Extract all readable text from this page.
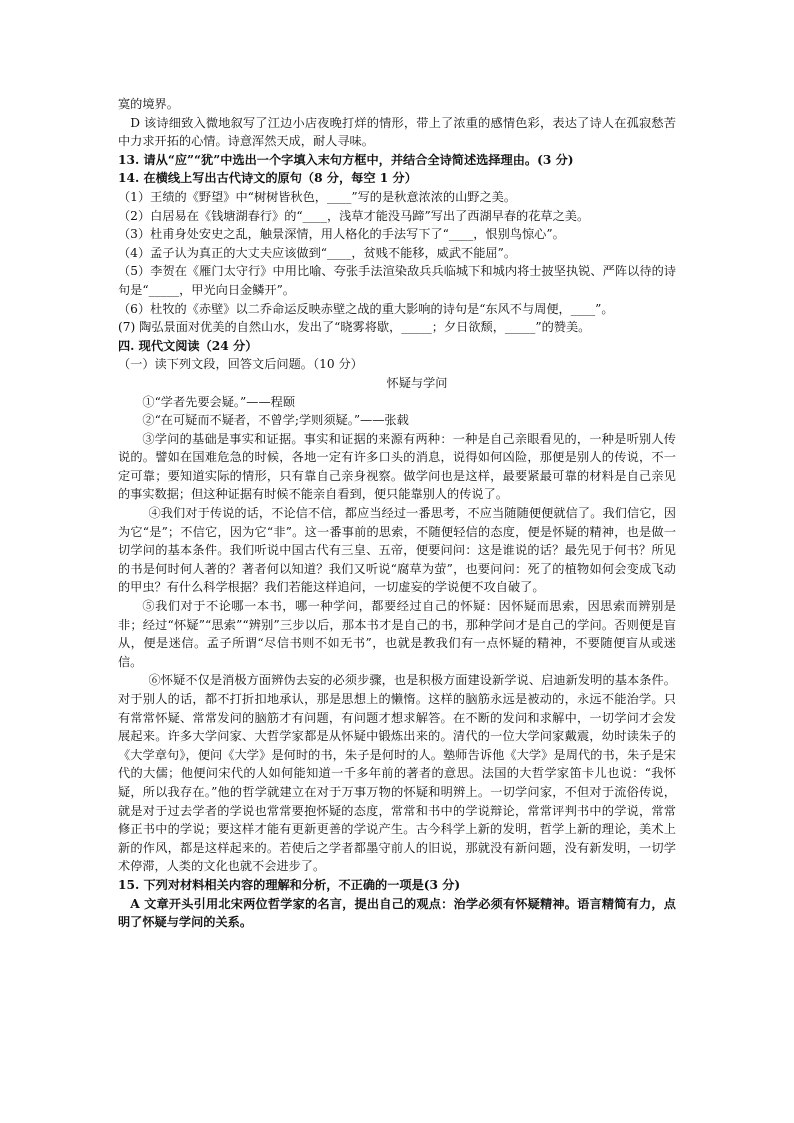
寞的境界。

D 该诗细致入微地叙写了江边小店夜晚打烊的情形，带上了浓重的感情色彩，表达了诗人在孤寂愁苦中力求开拓的心情。诗意浑然天成，耐人寻味。

13. 请从“应”“犹”中选出一个字填入末句方框中，并结合全诗简述选择理由。(3 分)

14. 在横线上写出古代诗文的原句（8 分，每空 1 分）

（1）王绩的《野望》中“树树皆秋色，____”写的是秋意浓浓的山野之美。

（2）白居易在《钱塘湖春行》的“____，浅草才能没马蹄”写出了西湖早春的花草之美。

（3）杜甫身处安史之乱，触景深情，用人格化的手法写下了“____，恨别鸟惊心”。

（4）孟子认为真正的大丈夫应该做到“____，贫贱不能移，威武不能屈”。

（5）李贺在《雁门太守行》中用比喻、夸张手法渲染敌兵兵临城下和城内将士披坚执锐、严阵以待的诗句是“_____，甲光向日金鳞开”。

（6）杜牧的《赤壁》以二乔命运反映赤壁之战的重大影响的诗句是“东风不与周便，____”。

(7) 陶弘景面对优美的自然山水，发出了“晓雾将歇，_____；夕日欲颓，_____”的赞美。

四. 现代文阅读（24 分）

（一）读下列文段，回答文后问题。（10 分）

怀疑与学问

①“学者先要会疑。”——程颐

②“在可疑而不疑者，不曾学;学则须疑。”——张载

③学问的基础是事实和证据。事实和证据的来源有两种：一种是自己亲眼看见的，一种是听别人传说的。譬如在国难危急的时候，各地一定有许多口头的消息，说得如何凶险，那便是别人的传说，不一定可靠；要知道实际的情形，只有靠自己亲身视察。做学问也是这样，最要紧最可靠的材料是自己亲见的事实数据；但这种证据有时候不能亲自看到，便只能靠别人的传说了。

④我们对于传说的话，不论信不信，都应当经过一番思考，不应当随随便便就信了。我们信它，因为它“是”；不信它，因为它“非”。这一番事前的思索，不随便轻信的态度，便是怀疑的精神，也是做一切学问的基本条件。我们听说中国古代有三皇、五帝，便要问问：这是谁说的话？最先见于何书？所见的书是何时何人著的？著者何以知道？我们又听说“腐草为萤”，也要问问：死了的植物如何会变成飞动的甲虫？有什么科学根据？我们若能这样追问，一切虚妄的学说便不攻自破了。

⑤我们对于不论哪一本书，哪一种学问，都要经过自己的怀疑：因怀疑而思索，因思索而辨别是非；经过“怀疑”“思索”“辨别”三步以后，那本书才是自己的书，那种学问才是自己的学问。否则便是盲从，便是迷信。孟子所谓“尽信书则不如无书”，也就是教我们有一点怀疑的精神，不要随便盲从或迷信。

⑥怀疑不仅是消极方面辨伪去妄的必须步骤，也是积极方面建设新学说、启迪新发明的基本条件。对于别人的话，都不打折扣地承认，那是思想上的懒惰。这样的脑筋永远是被动的，永远不能治学。只有常常怀疑、常常发问的脑筋才有问题，有问题才想求解答。在不断的发问和求解中，一切学问才会发展起来。许多大学问家、大哲学家都是从怀疑中锻炼出来的。清代的一位大学问家戴震，幼时读朱子的《大学章句》，便问《大学》是何时的书，朱子是何时的人。塾师告诉他《大学》是周代的书，朱子是宋代的大儒；他便问宋代的人如何能知道一千多年前的著者的意思。法国的大哲学家笛卡儿也说：“我怀疑，所以我存在。”他的哲学就建立在对于万事万物的怀疑和明辨上。一切学问家，不但对于流俗传说，就是对于过去学者的学说也常常要抱怀疑的态度，常常和书中的学说辩论，常常评判书中的学说，常常修正书中的学说；要这样才能有更新更善的学说产生。古今科学上新的发明，哲学上新的理论，美术上新的作风，都是这样起来的。若使后之学者都墨守前人的旧说，那就没有新问题，没有新发明，一切学术停滞，人类的文化也就不会进步了。

15. 下列对材料相关内容的理解和分析，不正确的一项是(3 分)

A 文章开头引用北宋两位哲学家的名言，提出自己的观点：治学必须有怀疑精神。语言精简有力，点明了怀疑与学问的关系。
